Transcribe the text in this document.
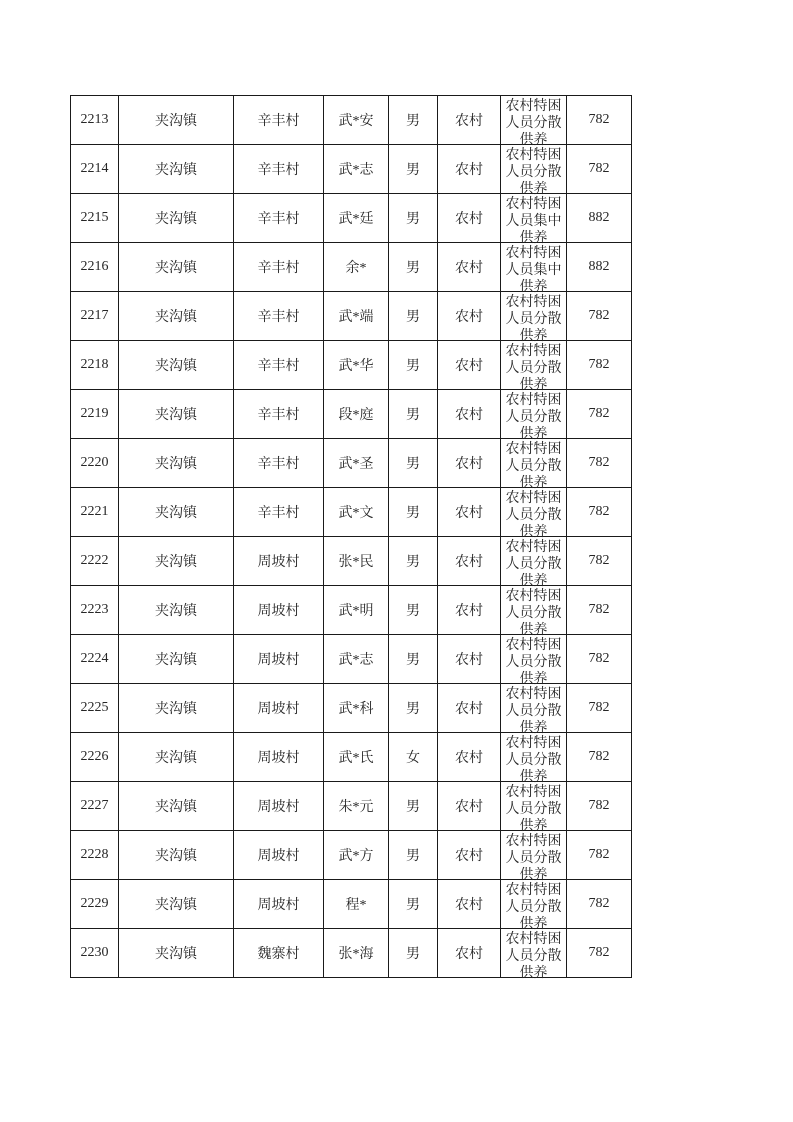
2213	夹沟镇	辛丰村	武*安	男	农村	农村特困人员分散供养	782
2214	夹沟镇	辛丰村	武*志	男	农村	农村特困人员分散供养	782
2215	夹沟镇	辛丰村	武*廷	男	农村	农村特困人员集中供养	882
2216	夹沟镇	辛丰村	余*	男	农村	农村特困人员集中供养	882
2217	夹沟镇	辛丰村	武*端	男	农村	农村特困人员分散供养	782
2218	夹沟镇	辛丰村	武*华	男	农村	农村特困人员分散供养	782
2219	夹沟镇	辛丰村	段*庭	男	农村	农村特困人员分散供养	782
2220	夹沟镇	辛丰村	武*圣	男	农村	农村特困人员分散供养	782
2221	夹沟镇	辛丰村	武*文	男	农村	农村特困人员分散供养	782
2222	夹沟镇	周坡村	张*民	男	农村	农村特困人员分散供养	782
2223	夹沟镇	周坡村	武*明	男	农村	农村特困人员分散供养	782
2224	夹沟镇	周坡村	武*志	男	农村	农村特困人员分散供养	782
2225	夹沟镇	周坡村	武*科	男	农村	农村特困人员分散供养	782
2226	夹沟镇	周坡村	武*氏	女	农村	农村特困人员分散供养	782
2227	夹沟镇	周坡村	朱*元	男	农村	农村特困人员分散供养	782
2228	夹沟镇	周坡村	武*方	男	农村	农村特困人员分散供养	782
2229	夹沟镇	周坡村	程*	男	农村	农村特困人员分散供养	782
2230	夹沟镇	魏寨村	张*海	男	农村	农村特困人员分散供养	782
